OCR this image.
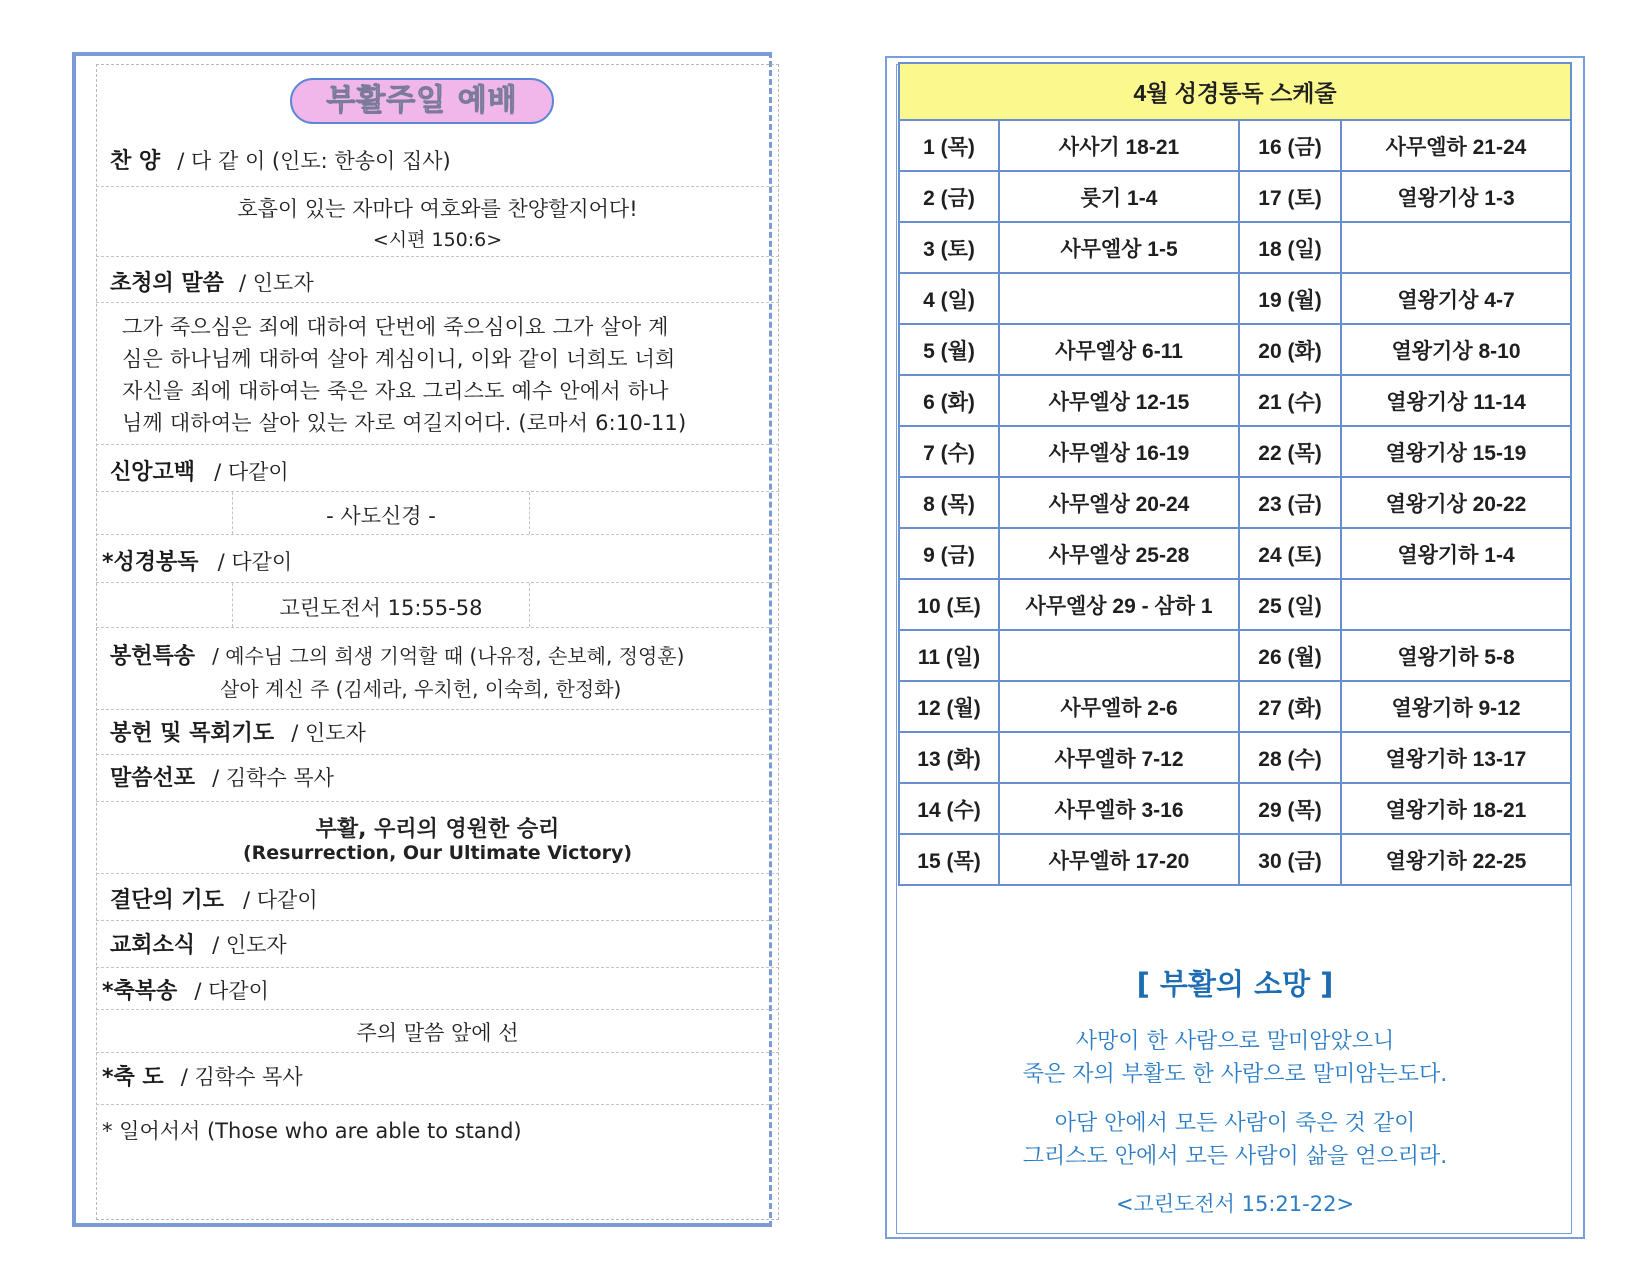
부활주일 예배
찬 양 / 다 같 이 (인도: 한송이 집사)
호흡이 있는 자마다 여호와를 찬양할지어다!
<시편 150:6>
초청의 말씀 / 인도자
그가 죽으심은 죄에 대하여 단번에 죽으심이요 그가 살아 계
심은 하나님께 대하여 살아 계심이니, 이와 같이 너희도 너희
자신을 죄에 대하여는 죽은 자요 그리스도 예수 안에서 하나
님께 대하여는 살아 있는 자로 여길지어다. (로마서 6:10-11)
신앙고백 / 다같이
- 사도신경 -
*성경봉독 / 다같이
고린도전서 15:55-58
봉헌특송 / 예수님 그의 희생 기억할 때 (나유정, 손보혜, 정영훈)
살아 계신 주 (김세라, 우치헌, 이숙희, 한정화)
봉헌 및 목회기도 / 인도자
말씀선포 / 김학수 목사
부활, 우리의 영원한 승리
(Resurrection, Our Ultimate Victory)
결단의 기도 / 다같이
교회소식 / 인도자
*축복송 / 다같이
주의 말씀 앞에 선
*축 도 / 김학수 목사
* 일어서서 (Those who are able to stand)
4월 성경통독 스케줄			
1 (목)	사사기 18-21	16 (금)	사무엘하 21-24
2 (금)	룻기 1-4	17 (토)	열왕기상 1-3
3 (토)	사무엘상 1-5	18 (일)	
4 (일)		19 (월)	열왕기상 4-7
5 (월)	사무엘상 6-11	20 (화)	열왕기상 8-10
6 (화)	사무엘상 12-15	21 (수)	열왕기상 11-14
7 (수)	사무엘상 16-19	22 (목)	열왕기상 15-19
8 (목)	사무엘상 20-24	23 (금)	열왕기상 20-22
9 (금)	사무엘상 25-28	24 (토)	열왕기하 1-4
10 (토)	사무엘상 29 - 삼하 1	25 (일)	
11 (일)		26 (월)	열왕기하 5-8
12 (월)	사무엘하 2-6	27 (화)	열왕기하 9-12
13 (화)	사무엘하 7-12	28 (수)	열왕기하 13-17
14 (수)	사무엘하 3-16	29 (목)	열왕기하 18-21
15 (목)	사무엘하 17-20	30 (금)	열왕기하 22-25
[ 부활의 소망 ]
사망이 한 사람으로 말미암았으니
죽은 자의 부활도 한 사람으로 말미암는도다.
아담 안에서 모든 사람이 죽은 것 같이
그리스도 안에서 모든 사람이 삶을 얻으리라.
<고린도전서 15:21-22>
